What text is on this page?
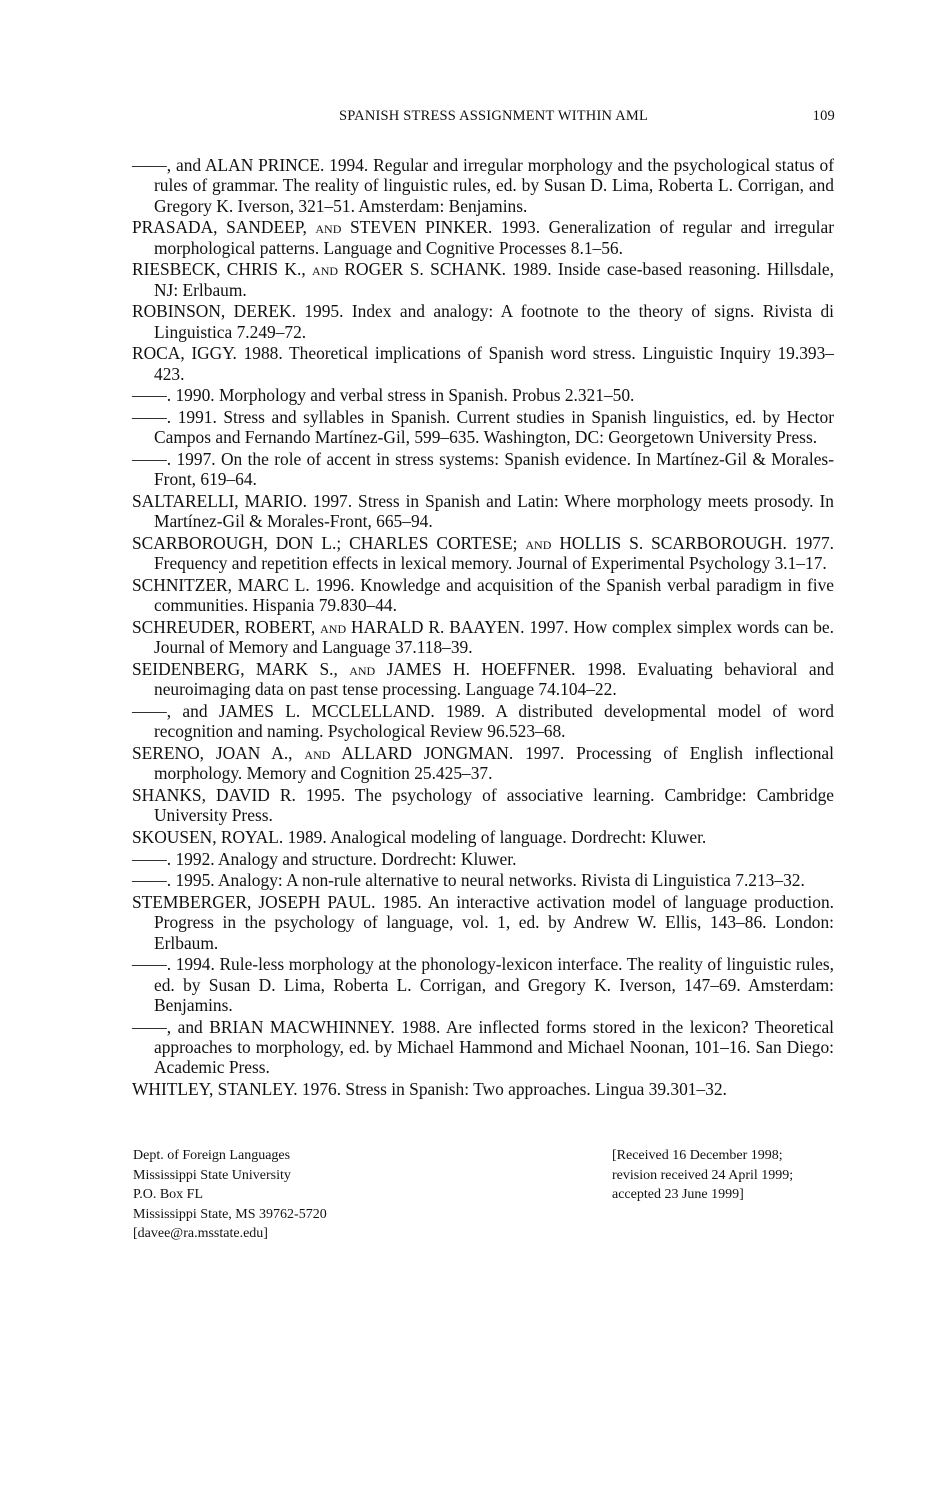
SPANISH STRESS ASSIGNMENT WITHIN AML	109

——, and ALAN PRINCE. 1994. Regular and irregular morphology and the psychological status of rules of grammar. The reality of linguistic rules, ed. by Susan D. Lima, Roberta L. Corrigan, and Gregory K. Iverson, 321–51. Amsterdam: Benjamins.

PRASADA, SANDEEP, and STEVEN PINKER. 1993. Generalization of regular and irregular morphological patterns. Language and Cognitive Processes 8.1–56.

RIESBECK, CHRIS K., and ROGER S. SCHANK. 1989. Inside case-based reasoning. Hillsdale, NJ: Erlbaum.

ROBINSON, DEREK. 1995. Index and analogy: A footnote to the theory of signs. Rivista di Linguistica 7.249–72.

ROCA, IGGY. 1988. Theoretical implications of Spanish word stress. Linguistic Inquiry 19.393–423.

——. 1990. Morphology and verbal stress in Spanish. Probus 2.321–50.

——. 1991. Stress and syllables in Spanish. Current studies in Spanish linguistics, ed. by Hector Campos and Fernando Martínez-Gil, 599–635. Washington, DC: Georgetown University Press.

——. 1997. On the role of accent in stress systems: Spanish evidence. In Martínez-Gil & Morales-Front, 619–64.

SALTARELLI, MARIO. 1997. Stress in Spanish and Latin: Where morphology meets prosody. In Martínez-Gil & Morales-Front, 665–94.

SCARBOROUGH, DON L.; CHARLES CORTESE; and HOLLIS S. SCARBOROUGH. 1977. Frequency and repetition effects in lexical memory. Journal of Experimental Psychology 3.1–17.

SCHNITZER, MARC L. 1996. Knowledge and acquisition of the Spanish verbal paradigm in five communities. Hispania 79.830–44.

SCHREUDER, ROBERT, and HARALD R. BAAYEN. 1997. How complex simplex words can be. Journal of Memory and Language 37.118–39.

SEIDENBERG, MARK S., and JAMES H. HOEFFNER. 1998. Evaluating behavioral and neuroimaging data on past tense processing. Language 74.104–22.

——, and JAMES L. MCCLELLAND. 1989. A distributed developmental model of word recognition and naming. Psychological Review 96.523–68.

SERENO, JOAN A., and ALLARD JONGMAN. 1997. Processing of English inflectional morphology. Memory and Cognition 25.425–37.

SHANKS, DAVID R. 1995. The psychology of associative learning. Cambridge: Cambridge University Press.

SKOUSEN, ROYAL. 1989. Analogical modeling of language. Dordrecht: Kluwer.

——. 1992. Analogy and structure. Dordrecht: Kluwer.

——. 1995. Analogy: A non-rule alternative to neural networks. Rivista di Linguistica 7.213–32.

STEMBERGER, JOSEPH PAUL. 1985. An interactive activation model of language production. Progress in the psychology of language, vol. 1, ed. by Andrew W. Ellis, 143–86. London: Erlbaum.

——. 1994. Rule-less morphology at the phonology-lexicon interface. The reality of linguistic rules, ed. by Susan D. Lima, Roberta L. Corrigan, and Gregory K. Iverson, 147–69. Amsterdam: Benjamins.

——, and BRIAN MACWHINNEY. 1988. Are inflected forms stored in the lexicon? Theoretical approaches to morphology, ed. by Michael Hammond and Michael Noonan, 101–16. San Diego: Academic Press.

WHITLEY, STANLEY. 1976. Stress in Spanish: Two approaches. Lingua 39.301–32.

Dept. of Foreign Languages
Mississippi State University
P.O. Box FL
Mississippi State, MS 39762-5720
[davee@ra.msstate.edu]
[Received 16 December 1998;
revision received 24 April 1999;
accepted 23 June 1999]
